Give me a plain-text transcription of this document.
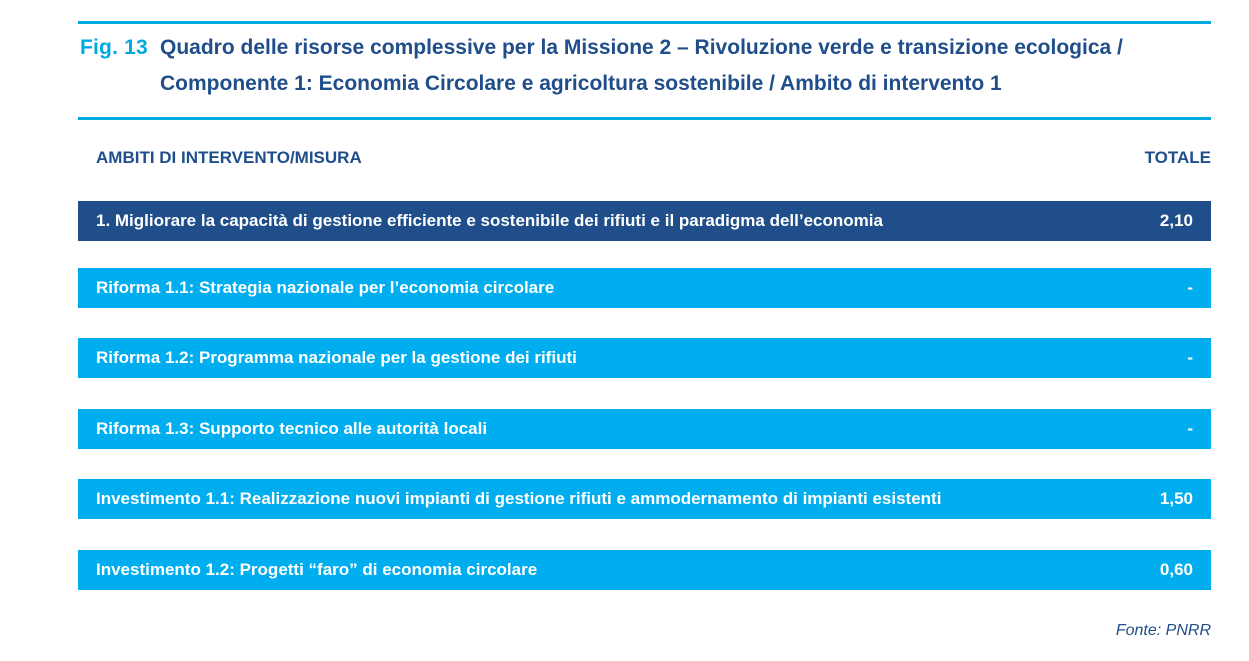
Fig. 13 Quadro delle risorse complessive per la Missione 2 – Rivoluzione verde e transizione ecologica / Componente 1: Economia Circolare e agricoltura sostenibile / Ambito di intervento 1
AMBITI DI INTERVENTO/MISURA	TOTALE
1. Migliorare la capacità di gestione efficiente e sostenibile dei rifiuti e il paradigma dell’economia	2,10
Riforma 1.1: Strategia nazionale per l’economia circolare	-
Riforma 1.2: Programma nazionale per la gestione dei rifiuti	-
Riforma 1.3: Supporto tecnico alle autorità locali	-
Investimento 1.1: Realizzazione nuovi impianti di gestione rifiuti e ammodernamento di impianti esistenti	1,50
Investimento 1.2: Progetti “faro” di economia circolare	0,60
Fonte: PNRR
